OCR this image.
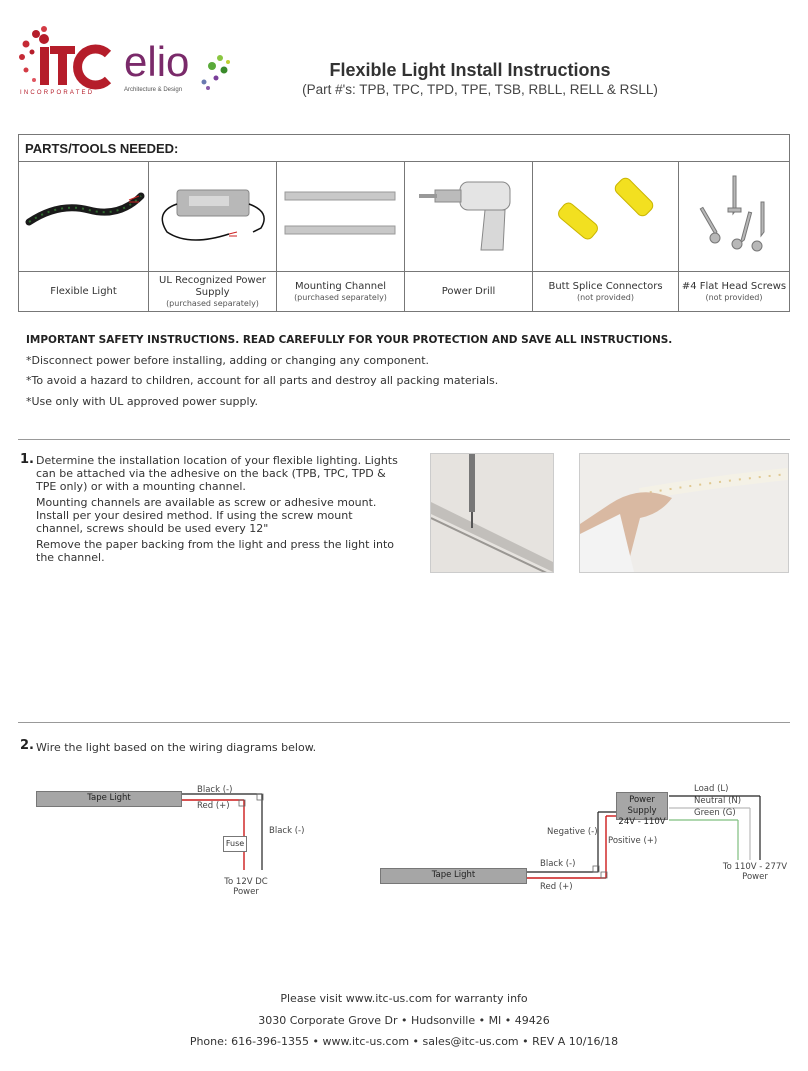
INCORPORATED
elio
Architecture & Design
Flexible Light Install Instructions
(Part #'s: TPB, TPC, TPD, TPE, TSB, RBLL, RELL & RSLL)
PARTS/TOOLS NEEDED:
Flexible Light
UL Recognized Power Supply
(purchased separately)
Mounting Channel
(purchased separately)
Power Drill	Butt Splice Connectors
(not provided)
#4 Flat Head Screws
(not provided)
IMPORTANT SAFETY INSTRUCTIONS. READ CAREFULLY FOR YOUR PROTECTION AND SAVE ALL INSTRUCTIONS.
*Disconnect power before installing, adding or changing any component.
*To avoid a hazard to children, account for all parts and destroy all packing materials.
*Use only with UL approved power supply.
1. Determine the installation location of your flexible lighting. Lights can be attached via the adhesive on the back (TPB, TPC, TPD & TPE only) or with a mounting channel.
Mounting channels are available as screw or adhesive mount. Install per your desired method. If using the screw mount channel, screws should be used every 12"
Remove the paper backing from the light and press the light into the channel.
2. Wire the light based on the wiring diagrams below.
Tape Light
Black (-)
Red (+)
Black (-)
Fuse
To 12V DC
Power
Power Supply
24V - 110V
Tape Light
Load (L)
Neutral (N)
Green (G)
Negative (-)
Positive (+)
Black (-)
Red (+)
To 110V - 277V
Power
Please visit www.itc-us.com for warranty info
3030 Corporate Grove Dr • Hudsonville • MI • 49426
Phone: 616-396-1355 • www.itc-us.com • sales@itc-us.com • REV A 10/16/18
